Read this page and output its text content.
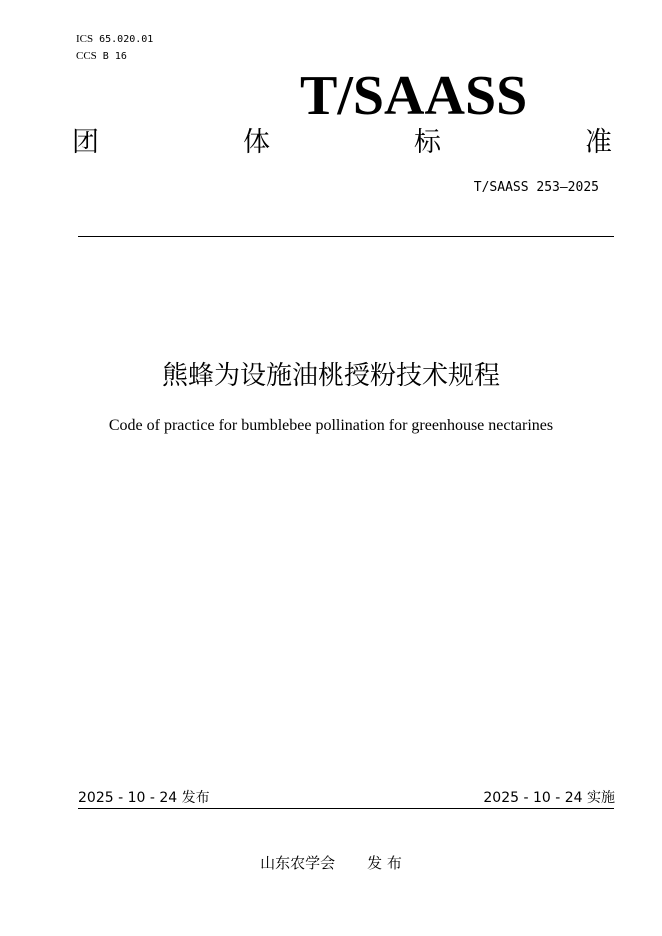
ICS 65.020.01
CCS B 16
T/SAASS
团	体	标	准
T/SAASS 253—2025
熊蜂为设施油桃授粉技术规程
Code of practice for bumblebee pollination for greenhouse nectarines
2025 - 10 - 24 发布	2025 - 10 - 24 实施
山东农学会 发 布
